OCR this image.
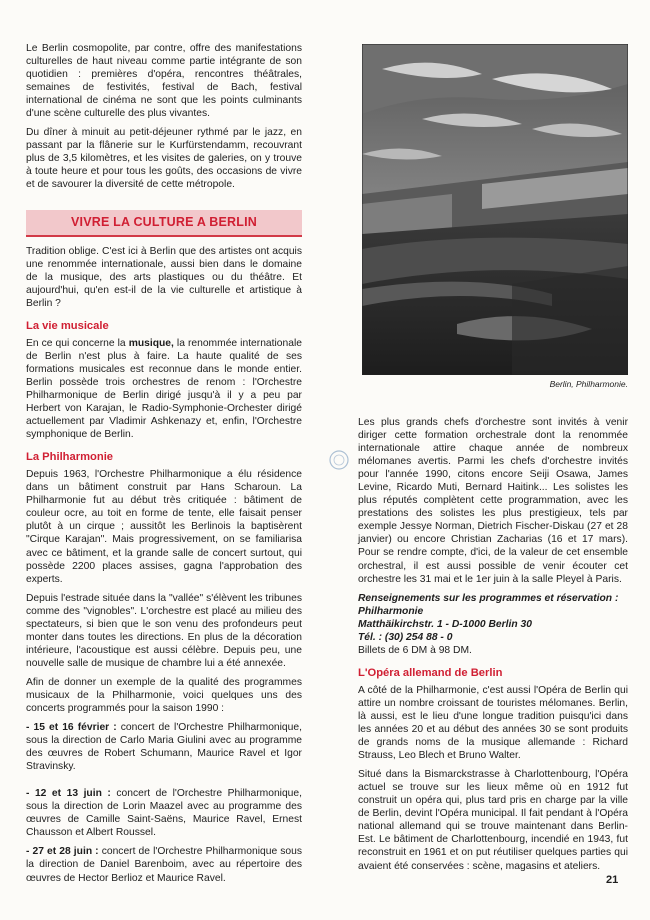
Le Berlin cosmopolite, par contre, offre des manifestations culturelles de haut niveau comme partie intégrante de son quotidien : premières d'opéra, rencontres théâtrales, semaines de festivités, festival de Bach, festival international de cinéma ne sont que les points culminants d'une scène culturelle des plus vivantes.

Du dîner à minuit au petit-déjeuner rythmé par le jazz, en passant par la flânerie sur le Kurfürstendamm, recouvrant plus de 3,5 kilomètres, et les visites de galeries, on y trouve à toute heure et pour tous les goûts, des occasions de vivre et de savourer la diversité de cette métropole.

VIVRE LA CULTURE A BERLIN

Tradition oblige. C'est ici à Berlin que des artistes ont acquis une renommée internationale, aussi bien dans le domaine de la musique, des arts plastiques ou du théâtre. Et aujourd'hui, qu'en est-il de la vie culturelle et artistique à Berlin ?

La vie musicale

En ce qui concerne la musique, la renommée internationale de Berlin n'est plus à faire. La haute qualité de ses formations musicales est reconnue dans le monde entier. Berlin possède trois orchestres de renom : l'Orchestre Philharmonique de Berlin dirigé jusqu'à il y a peu par Herbert von Karajan, le Radio-Symphonie-Orchester dirigé actuellement par Vladimir Ashkenazy et, enfin, l'Orchestre symphonique de Berlin.

La Philharmonie

Depuis 1963, l'Orchestre Philharmonique a élu résidence dans un bâtiment construit par Hans Scharoun. La Philharmonie fut au début très critiquée : bâtiment de couleur ocre, au toit en forme de tente, elle faisait penser plutôt à un cirque ; aussitôt les Berlinois la baptisèrent "Cirque Karajan". Mais progressivement, on se familiarisa avec ce bâtiment, et la grande salle de concert surtout, qui possède 2200 places assises, gagna l'approbation des experts.

Depuis l'estrade située dans la "vallée" s'élèvent les tribunes comme des "vignobles". L'orchestre est placé au milieu des spectateurs, si bien que le son venu des profondeurs peut monter dans toutes les directions. En plus de la décoration intérieure, l'acoustique est aussi célèbre. Depuis peu, une nouvelle salle de musique de chambre lui a été annexée.

Afin de donner un exemple de la qualité des programmes musicaux de la Philharmonie, voici quelques uns des concerts programmés pour la saison 1990 :

- 15 et 16 février : concert de l'Orchestre Philharmonique, sous la direction de Carlo Maria Giulini avec au programme des œuvres de Robert Schumann, Maurice Ravel et Igor Stravinsky.

- 12 et 13 juin : concert de l'Orchestre Philharmonique, sous la direction de Lorin Maazel avec au programme des œuvres de Camille Saint-Saëns, Maurice Ravel, Ernest Chausson et Albert Roussel.

- 27 et 28 juin : concert de l'Orchestre Philharmonique sous la direction de Daniel Barenboim, avec au répertoire des œuvres de Hector Berlioz et Maurice Ravel.

Berlin, Philharmonie.

Les plus grands chefs d'orchestre sont invités à venir diriger cette formation orchestrale dont la renommée internationale attire chaque année de nombreux mélomanes avertis. Parmi les chefs d'orchestre invités pour l'année 1990, citons encore Seiji Osawa, James Levine, Ricardo Muti, Bernard Haitink... Les solistes les plus réputés complètent cette programmation, avec les prestations des solistes les plus prestigieux, tels par exemple Jessye Norman, Dietrich Fischer-Diskau (27 et 28 janvier) ou encore Christian Zacharias (16 et 17 mars). Pour se rendre compte, d'ici, de la valeur de cet ensemble orchestral, il est aussi possible de venir écouter cet orchestre les 31 mai et le 1er juin à la salle Pleyel à Paris.

Renseignements sur les programmes et réservation :
Philharmonie
Matthäikirchstr. 1 - D-1000 Berlin 30
Tél. : (30) 254 88 - 0
Billets de 6 DM à 98 DM.
L'Opéra allemand de Berlin

A côté de la Philharmonie, c'est aussi l'Opéra de Berlin qui attire un nombre croissant de touristes mélomanes. Berlin, là aussi, est le lieu d'une longue tradition puisqu'ici dans les années 20 et au début des années 30 se sont produits de grands noms de la musique allemande : Richard Strauss, Leo Blech et Bruno Walter.

Situé dans la Bismarckstrasse à Charlottenbourg, l'Opéra actuel se trouve sur les lieux même où en 1912 fut construit un opéra qui, plus tard pris en charge par la ville de Berlin, devint l'Opéra municipal. Il fait pendant à l'Opéra national allemand qui se trouve maintenant dans Berlin-Est. Le bâtiment de Charlottenbourg, incendié en 1943, fut reconstruit en 1961 et on put réutiliser quelques parties qui avaient été conservées : scène, magasins et ateliers.

21
